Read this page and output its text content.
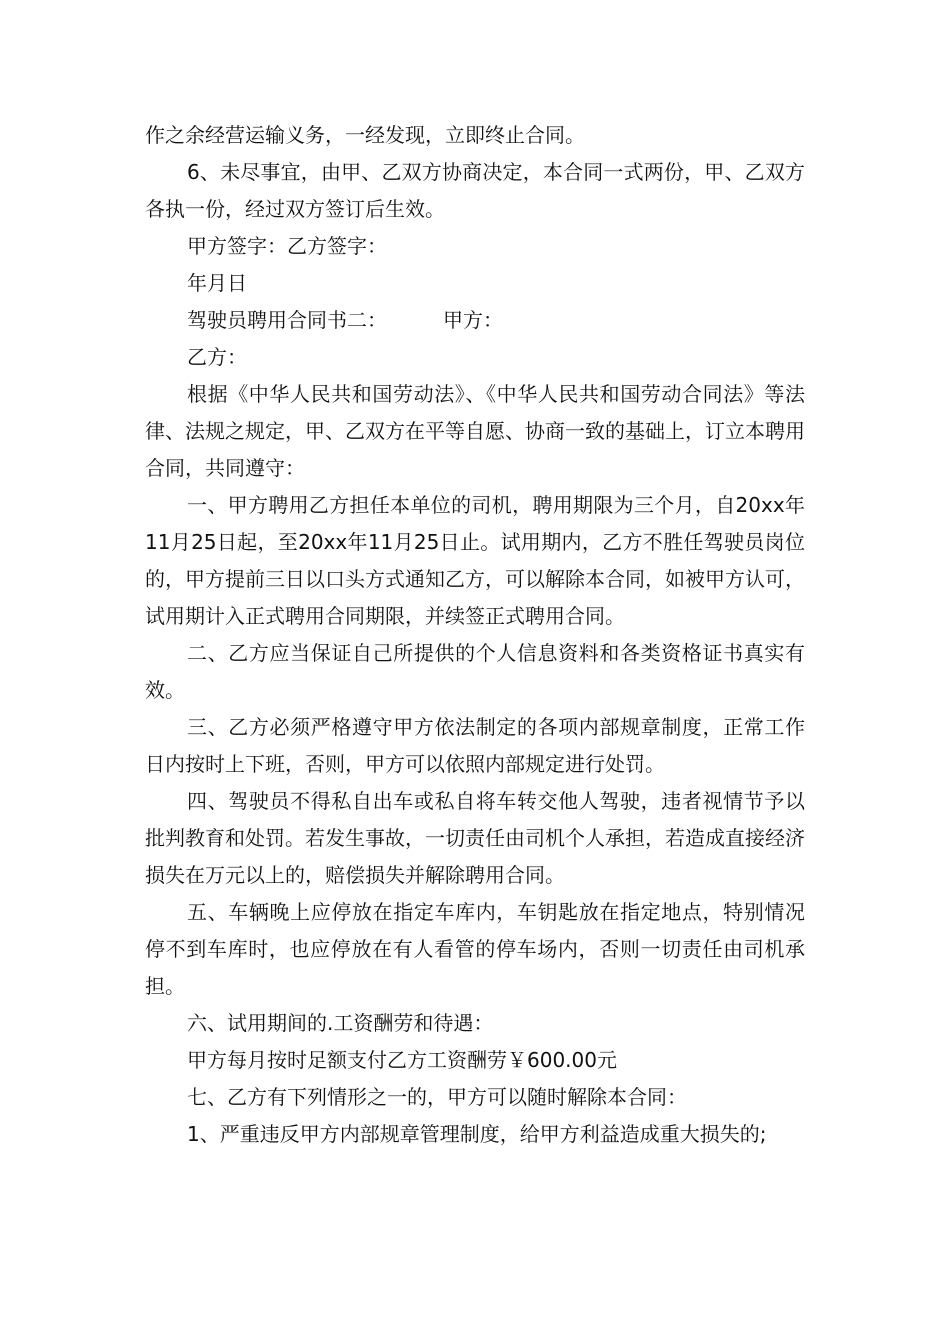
作之余经营运输义务，一经发现，立即终止合同。

6、未尽事宜，由甲、乙双方协商决定，本合同一式两份，甲、乙双方各执一份，经过双方签订后生效。

甲方签字：乙方签字：

年月日

驾驶员聘用合同书二：	甲方：

乙方：

根据《中华人民共和国劳动法》、《中华人民共和国劳动合同法》等法律、法规之规定，甲、乙双方在平等自愿、协商一致的基础上，订立本聘用合同，共同遵守：

一、甲方聘用乙方担任本单位的司机，聘用期限为三个月，自20xx年11月25日起，至20xx年11月25日止。试用期内，乙方不胜任驾驶员岗位的，甲方提前三日以口头方式通知乙方，可以解除本合同，如被甲方认可，试用期计入正式聘用合同期限，并续签正式聘用合同。

二、乙方应当保证自己所提供的个人信息资料和各类资格证书真实有效。

三、乙方必须严格遵守甲方依法制定的各项内部规章制度，正常工作日内按时上下班，否则，甲方可以依照内部规定进行处罚。

四、驾驶员不得私自出车或私自将车转交他人驾驶，违者视情节予以批判教育和处罚。若发生事故，一切责任由司机个人承担，若造成直接经济损失在万元以上的，赔偿损失并解除聘用合同。

五、车辆晚上应停放在指定车库内，车钥匙放在指定地点，特别情况停不到车库时，也应停放在有人看管的停车场内，否则一切责任由司机承担。

六、试用期间的.工资酬劳和待遇：

甲方每月按时足额支付乙方工资酬劳￥600.00元

七、乙方有下列情形之一的，甲方可以随时解除本合同：

1、严重违反甲方内部规章管理制度，给甲方利益造成重大损失的;
